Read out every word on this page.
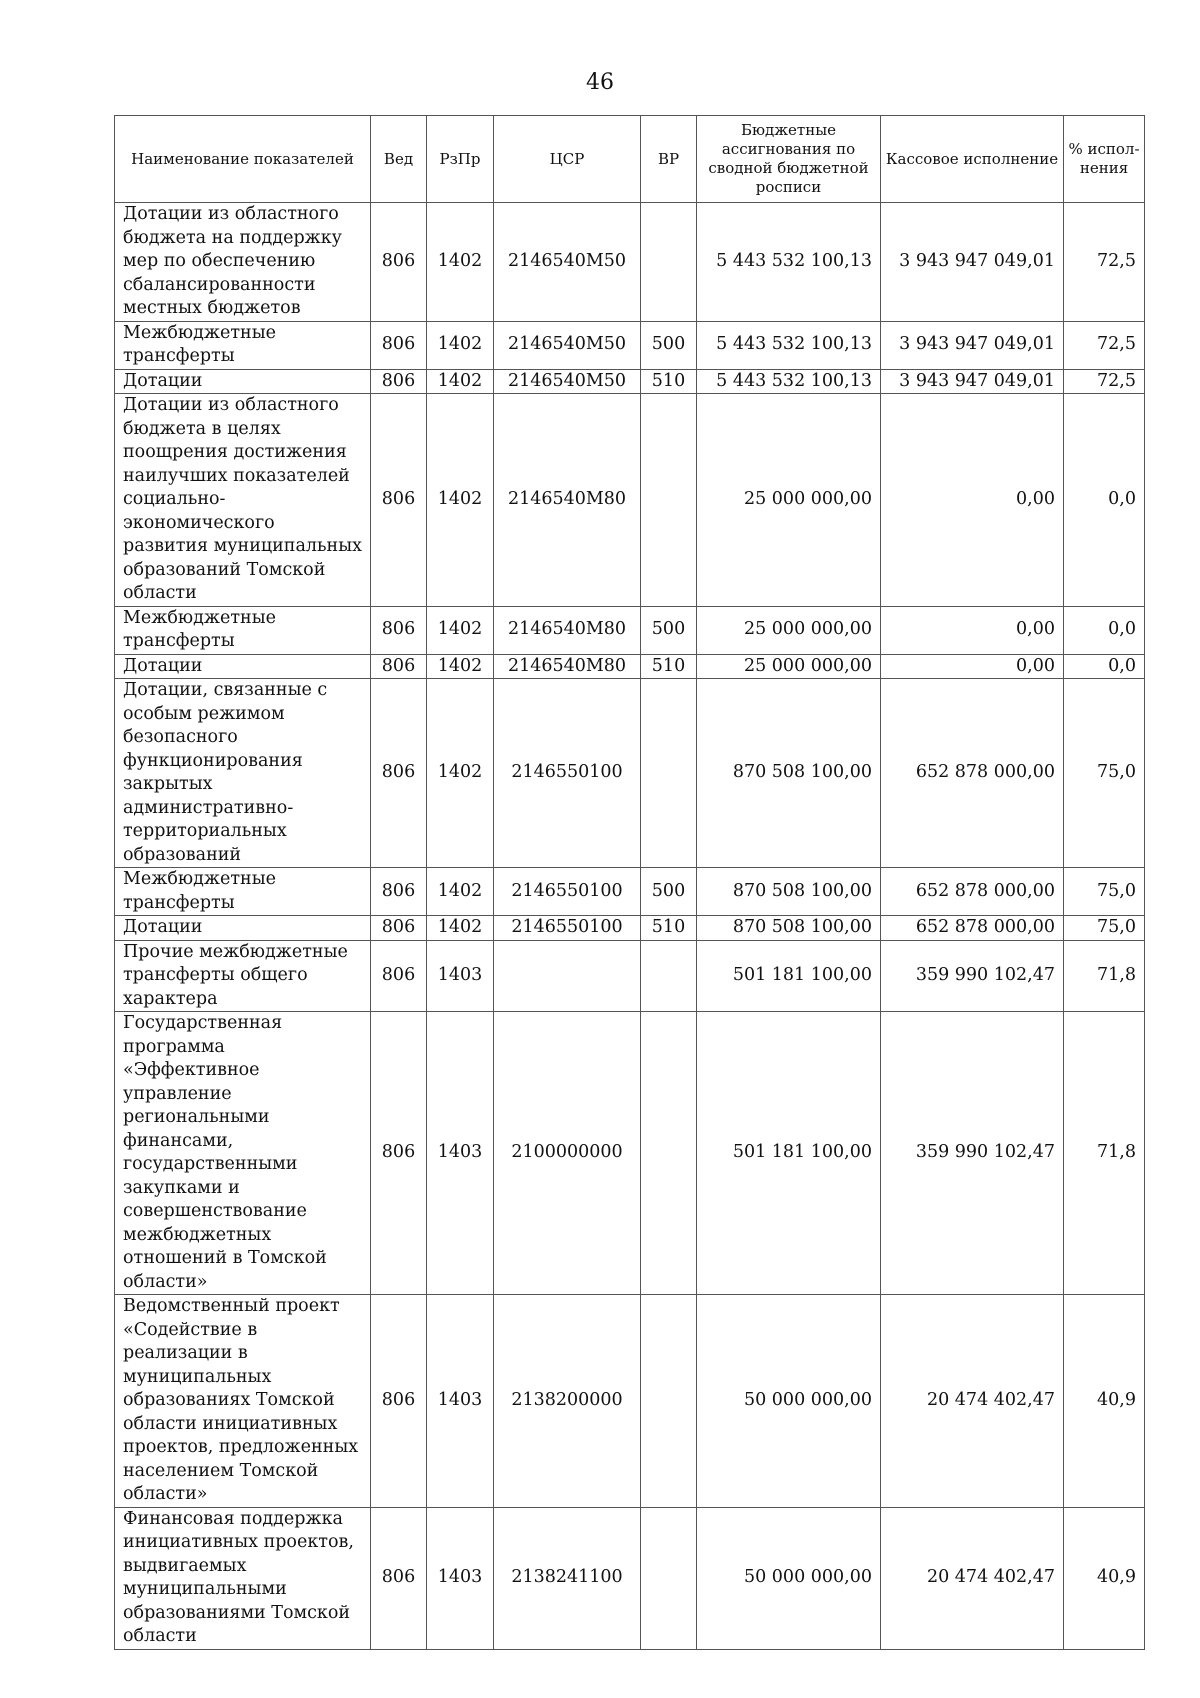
46
Наименование показателей	Вед	РзПр	ЦСР	ВР	Бюджетные ассигнования по сводной бюджетной росписи	Кассовое исполнение	% испол-нения
Дотации из областного бюджета на поддержку мер по обеспечению сбалансированности местных бюджетов	806	1402	2146540М50		5 443 532 100,13	3 943 947 049,01	72,5
Межбюджетные трансферты	806	1402	2146540М50	500	5 443 532 100,13	3 943 947 049,01	72,5
Дотации	806	1402	2146540М50	510	5 443 532 100,13	3 943 947 049,01	72,5
Дотации из областного бюджета в целях поощрения достижения наилучших показателей социально-экономического развития муниципальных образований Томской области	806	1402	2146540М80		25 000 000,00	0,00	0,0
Межбюджетные трансферты	806	1402	2146540М80	500	25 000 000,00	0,00	0,0
Дотации	806	1402	2146540М80	510	25 000 000,00	0,00	0,0
Дотации, связанные с особым режимом безопасного функционирования закрытых административно-территориальных образований	806	1402	2146550100		870 508 100,00	652 878 000,00	75,0
Межбюджетные трансферты	806	1402	2146550100	500	870 508 100,00	652 878 000,00	75,0
Дотации	806	1402	2146550100	510	870 508 100,00	652 878 000,00	75,0
Прочие межбюджетные трансферты общего характера	806	1403			501 181 100,00	359 990 102,47	71,8
Государственная программа «Эффективное управление региональными финансами, государственными закупками и совершенствование межбюджетных отношений в Томской области»	806	1403	2100000000		501 181 100,00	359 990 102,47	71,8
Ведомственный проект «Содействие в реализации в муниципальных образованиях Томской области инициативных проектов, предложенных населением Томской области»	806	1403	2138200000		50 000 000,00	20 474 402,47	40,9
Финансовая поддержка инициативных проектов, выдвигаемых муниципальными образованиями Томской области	806	1403	2138241100		50 000 000,00	20 474 402,47	40,9
